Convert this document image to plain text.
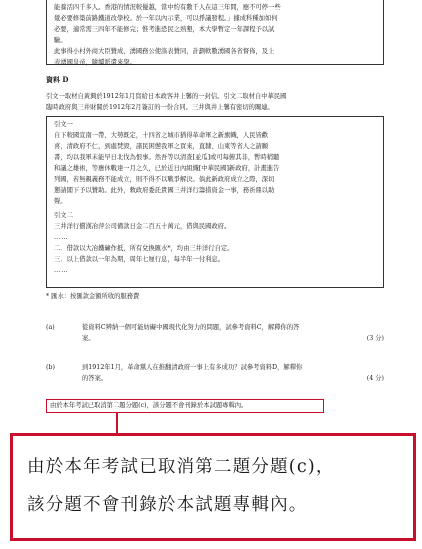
能養活四千多人。香港的情況較優越，當中約有數千人在這三年間，應不可停一些

覺必要修築前路鐵道改學校。於一年以內示業，可以掙議發程。」據成科種加如何

必要，適常需三四年不能修完；惟考進恐民之熟墾，本大學暫定一年課程予以試

驗。

此事得小村外商大臣贊成，湧國務公使涤表贊同，計劃軟數湧國各省督佈，及上

表湧國皇帝，隨續派遣來學。

資料 D

引文一取材自黃興於1912年1月寫給日本政客井上馨的一封信。引文二取材自中華民國

臨時政府與三井財閥於1912年2月簽訂的一份合同。三井與井上馨有密切的關連。

引文一

自下較國宣南一帶，大勢既定，十四省之城市猶得革命軍之新旗幟，人民皆歡

喜，清政府不仁，到處焚毀，諸民困憊我軍之買來，直隸、山東等省人之請願

書，均以我軍未能早日北伐為恨事。然吾等以清查[並瓜]或可每俯其非，暫時稍聽

和議之雄術，等應休戰達一月之久，已於近日內組織[中華民國]新政府，計畫進告

列國，若無親義務不能成立，則不得不以戰爭解決。倘此新政府成立之際，深切

懇請閣下予以贊助。此外，敕政府委託貴國三井洋行籌措資金一事，務祈鼎以助

聲。

引文二

三井洋行償漢冶萍公司備款日金二百五十萬元，借與民國政府。

……

二．借款以大冶鐵礦作抵，所有兌換匯水*，均由三井洋行自定。

三．以上借款以一年為期，周年七厘行息，每半年一付利息。

……

* 匯水：按匯款金額所收的服務費
(a)	從資料C辨納一個可能妨礙中國現代化努力的問題，試參考資料C，解釋你的答
案。	(3 分)
(b)	到1912年1月，革命黨人在推翻清政府一事上有多成功？試參考資料D，解釋你
的答案。	(4 分)
由於本年考試已取消第二題分題(c)，該分題不會刊錄於本試題專輯內。

由於本年考試已取消第二題分題(c)，

該分題不會刊錄於本試題專輯內。
